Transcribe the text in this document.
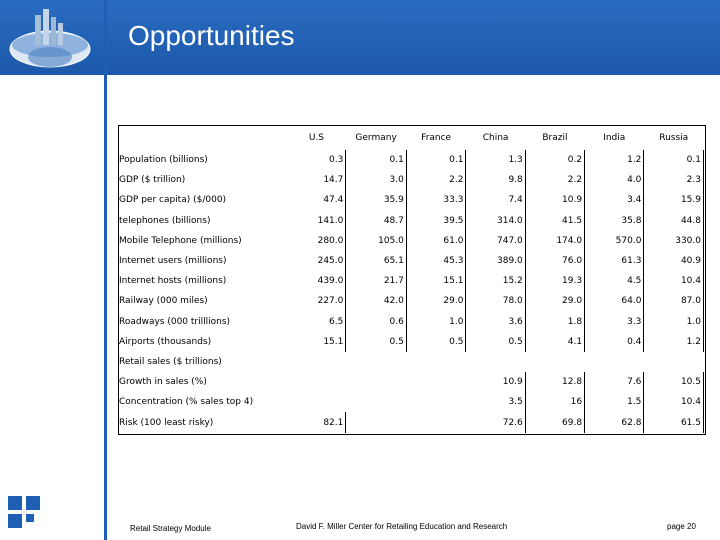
Opportunities
	U.S	Germany	France	China	Brazil	India	Russia
Population (billions)	0.3	0.1	0.1	1.3	0.2	1.2	0.1
GDP ($ trillion)	14.7	3.0	2.2	9.8	2.2	4.0	2.3
GDP per capita) ($/000)	47.4	35.9	33.3	7.4	10.9	3.4	15.9
telephones (billions)	141.0	48.7	39.5	314.0	41.5	35.8	44.8
Mobile Telephone (millions)	280.0	105.0	61.0	747.0	174.0	570.0	330.0
Internet users (millions)	245.0	65.1	45.3	389.0	76.0	61.3	40.9
Internet hosts (millions)	439.0	21.7	15.1	15.2	19.3	4.5	10.4
Railway (000 miles)	227.0	42.0	29.0	78.0	29.0	64.0	87.0
Roadways (000 trilllions)	6.5	0.6	1.0	3.6	1.8	3.3	1.0
Airports (thousands)	15.1	0.5	0.5	0.5	4.1	0.4	1.2
Retail sales ($ trillions)							
Growth in sales (%)				10.9	12.8	7.6	10.5
Concentration (% sales top 4)				3.5	16	1.5	10.4
Risk (100 least risky)	82.1			72.6	69.8	62.8	61.5
Retail Strategy Module	David F. Miller Center for Retailing Education and Research	page 20
